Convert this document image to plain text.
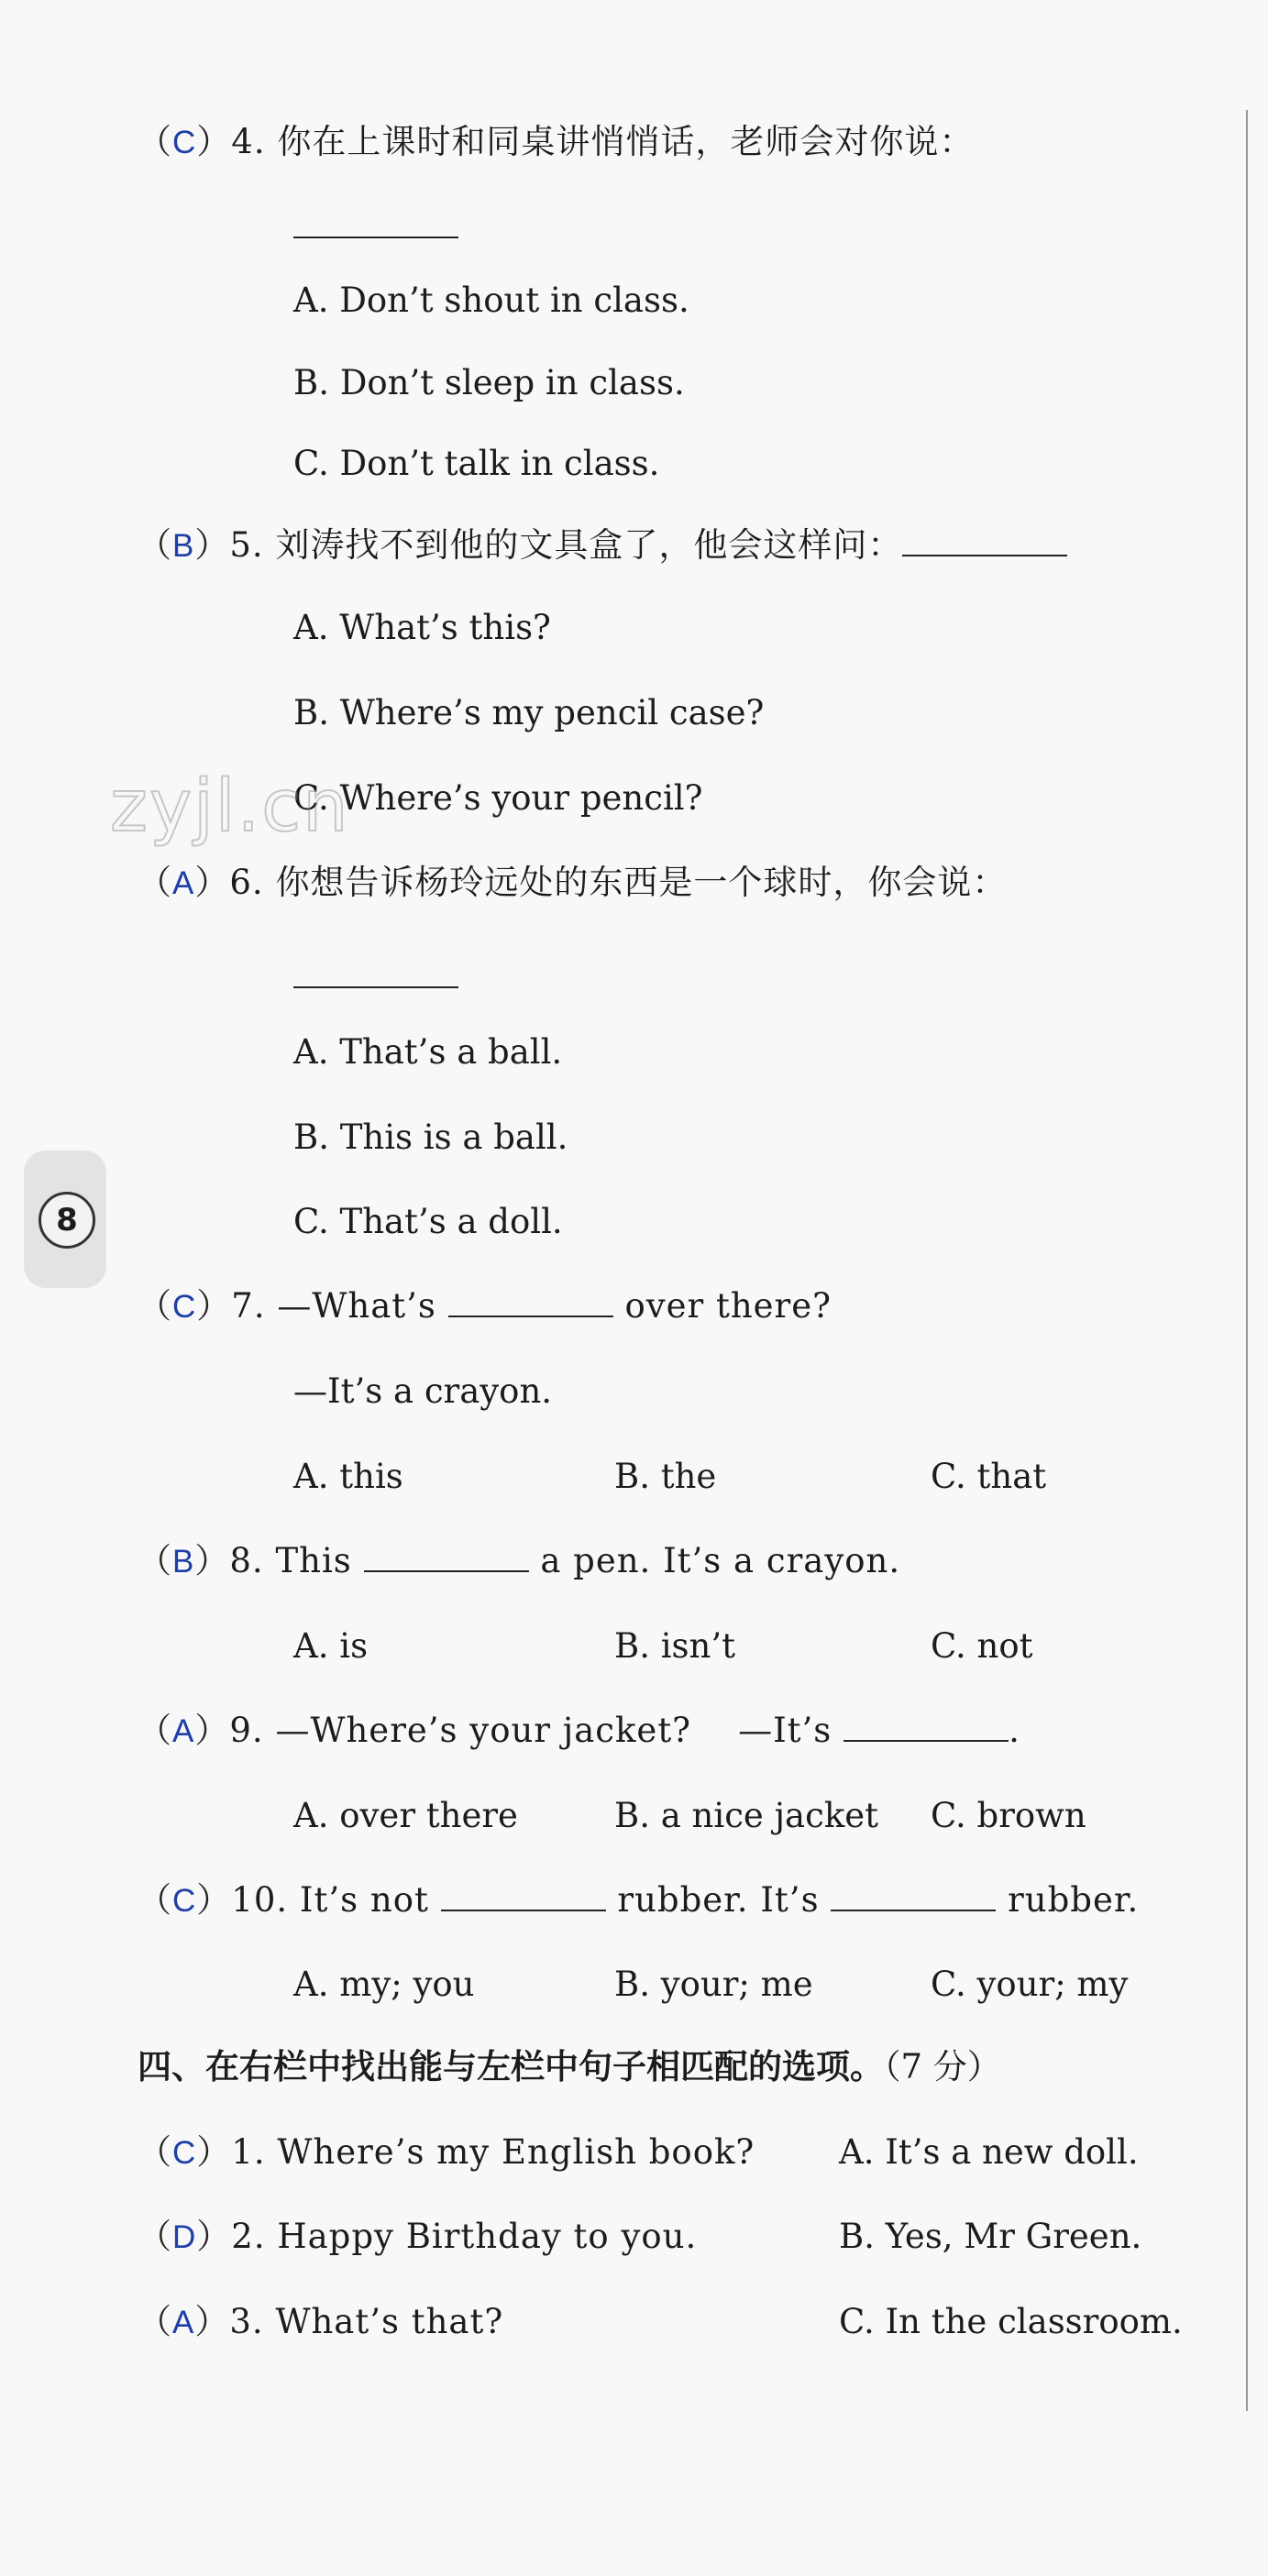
（C）4. 你在上课时和同桌讲悄悄话，老师会对你说：
A. Don’t shout in class.
B. Don’t sleep in class.
C. Don’t talk in class.
（B）5. 刘涛找不到他的文具盒了，他会这样问：
A. What’s this?
B. Where’s my pencil case?
C. Where’s your pencil?
zyjl.cn
（A）6. 你想告诉杨玲远处的东西是一个球时，你会说：
A. That’s a ball.
B. This is a ball.
C. That’s a doll.
8
（C）7. —What’s	over there?
—It’s a crayon.
A. this	B. the	C. that
（B）8. This	a pen. It’s a crayon.
A. is	B. isn’t	C. not
（A）9. —Where’s your jacket?    —It’s	.
A. over there	B. a nice jacket C. brown
（C）10. It’s not	rubber. It’s	rubber.
A. my; you	B. your; me	C. your; my
四、在右栏中找出能与左栏中句子相匹配的选项。（7 分）
（C）1. Where’s my English book? A. It’s a new doll.
（D）2. Happy Birthday to you.	B. Yes, Mr Green.
（A）3. What’s that?	C. In the classroom.
